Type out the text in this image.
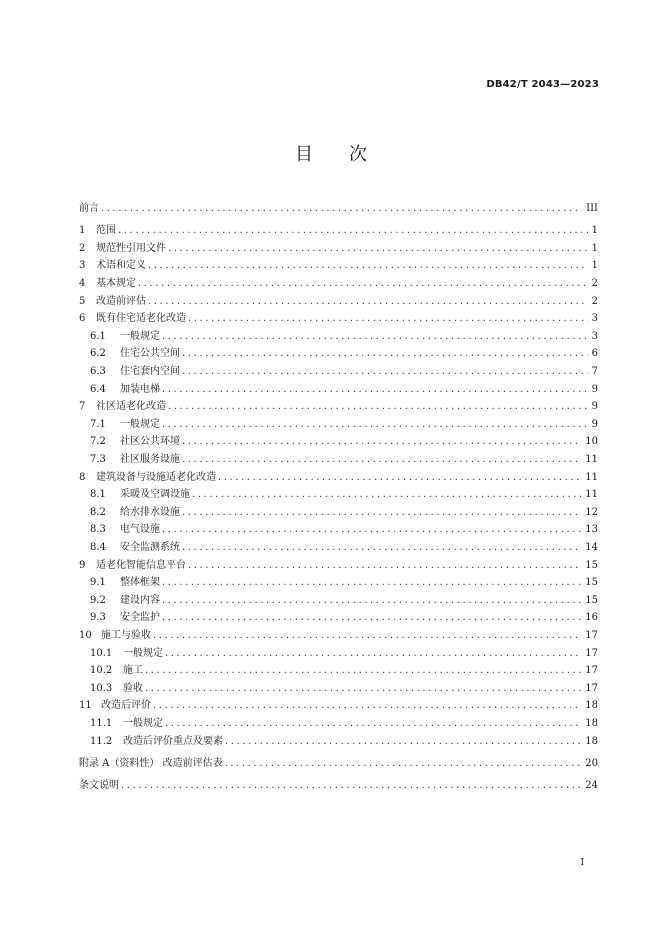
DB42/T 2043—2023
目 次
前言 .....	III
1	范围 .....	1
2	规范性引用文件 .....	1
3	术语和定义 .....	1
4	基本规定 .....	2
5	改造前评估 .....	2
6	既有住宅适老化改造 .....	3
6.1	一般规定 .....	3
6.2	住宅公共空间 .....	6
6.3	住宅套内空间 .....	7
6.4	加装电梯 .....	9
7	社区适老化改造 .....	9
7.1	一般规定 .....	9
7.2	社区公共环境 .....	10
7.3	社区服务设施 .....	11
8	建筑设备与设施适老化改造 .....	11
8.1	采暖及空调设施 .....	11
8.2	给水排水设施 .....	12
8.3	电气设施 .....	13
8.4	安全监测系统 .....	14
9	适老化智能信息平台 .....	15
9.1	整体框架 .....	15
9.2	建设内容 .....	15
9.3	安全监护 .....	16
10 施工与验收 .....	17
10.1	一般规定 .....	17
10.2	施工 .....	17
10.3	验收 .....	17
11 改造后评价 .....	18
11.1	一般规定 .....	18
11.2	改造后评价重点及要素 .....	18
附录 A（资料性） 改造前评估表 .....	20
条文说明 .....	24
I
